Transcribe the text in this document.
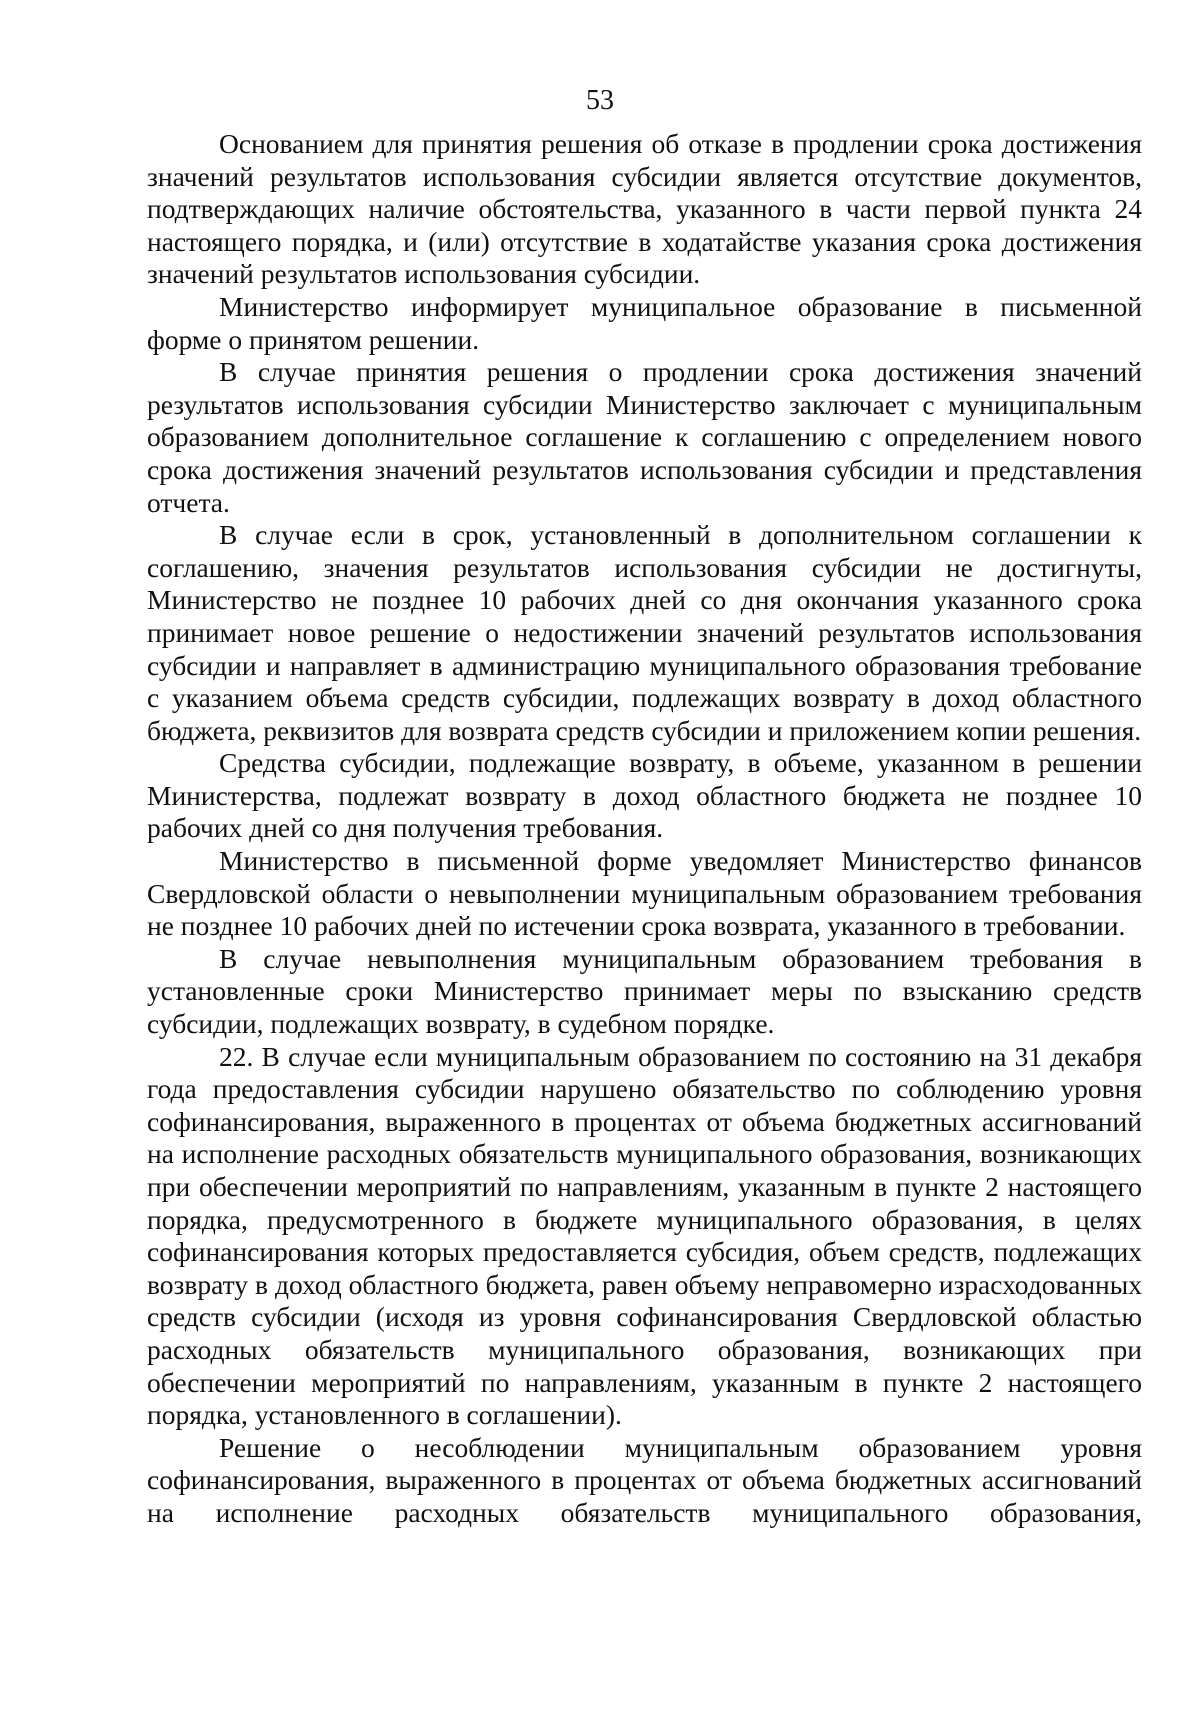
53

Основанием для принятия решения об отказе в продлении срока достижения значений результатов использования субсидии является отсутствие документов, подтверждающих наличие обстоятельства, указанного в части первой пункта 24 настоящего порядка, и (или) отсутствие в ходатайстве указания срока достижения значений результатов использования субсидии.

Министерство информирует муниципальное образование в письменной форме о принятом решении.

В случае принятия решения о продлении срока достижения значений результатов использования субсидии Министерство заключает с муниципальным образованием дополнительное соглашение к соглашению с определением нового срока достижения значений результатов использования субсидии и представления отчета.

В случае если в срок, установленный в дополнительном соглашении к соглашению, значения результатов использования субсидии не достигнуты, Министерство не позднее 10 рабочих дней со дня окончания указанного срока принимает новое решение о недостижении значений результатов использования субсидии и направляет в администрацию муниципального образования требование с указанием объема средств субсидии, подлежащих возврату в доход областного бюджета, реквизитов для возврата средств субсидии и приложением копии решения.

Средства субсидии, подлежащие возврату, в объеме, указанном в решении Министерства, подлежат возврату в доход областного бюджета не позднее 10 рабочих дней со дня получения требования.

Министерство в письменной форме уведомляет Министерство финансов Свердловской области о невыполнении муниципальным образованием требования не позднее 10 рабочих дней по истечении срока возврата, указанного в требовании.

В случае невыполнения муниципальным образованием требования в установленные сроки Министерство принимает меры по взысканию средств субсидии, подлежащих возврату, в судебном порядке.

22. В случае если муниципальным образованием по состоянию на 31 декабря года предоставления субсидии нарушено обязательство по соблюдению уровня софинансирования, выраженного в процентах от объема бюджетных ассигнований на исполнение расходных обязательств муниципального образования, возникающих при обеспечении мероприятий по направлениям, указанным в пункте 2 настоящего порядка, предусмотренного в бюджете муниципального образования, в целях софинансирования которых предоставляется субсидия, объем средств, подлежащих возврату в доход областного бюджета, равен объему неправомерно израсходованных средств субсидии (исходя из уровня софинансирования Свердловской областью расходных обязательств муниципального образования, возникающих при обеспечении мероприятий по направлениям, указанным в пункте 2 настоящего порядка, установленного в соглашении).

Решение о несоблюдении муниципальным образованием уровня софинансирования, выраженного в процентах от объема бюджетных ассигнований на исполнение расходных обязательств муниципального образования,
